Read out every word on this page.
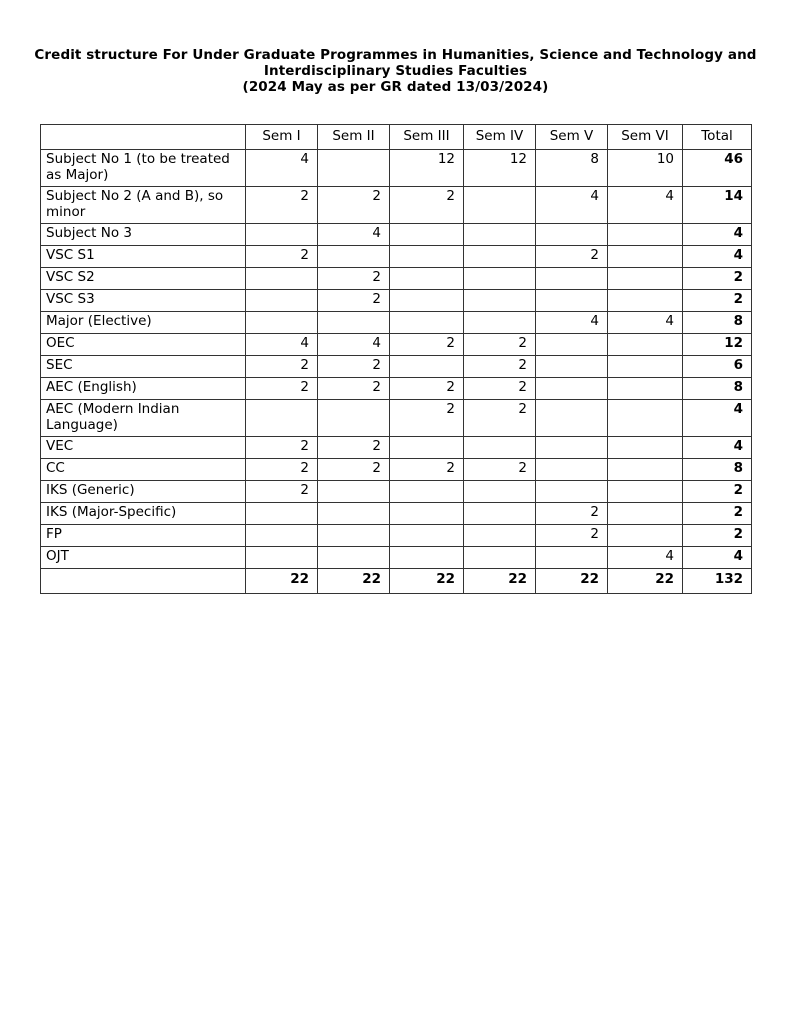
Credit structure For Under Graduate Programmes in Humanities, Science and Technology and
Interdisciplinary Studies Faculties
(2024 May as per GR dated 13/03/2024)
	Sem I	Sem II	Sem III	Sem IV	Sem V	Sem VI	Total
Subject No 1 (to be treated as Major)	4		12	12	8	10	46
Subject No 2 (A and B), so minor	2	2	2		4	4	14
Subject No 3		4					4
VSC S1	2				2		4
VSC S2		2					2
VSC S3		2					2
Major (Elective)					4	4	8
OEC	4	4	2	2			12
SEC	2	2		2			6
AEC (English)	2	2	2	2			8
AEC (Modern Indian Language)			2	2			4
VEC	2	2					4
CC	2	2	2	2			8
IKS (Generic)	2						2
IKS (Major-Specific)					2		2
FP					2		2
OJT						4	4
	22	22	22	22	22	22	132
